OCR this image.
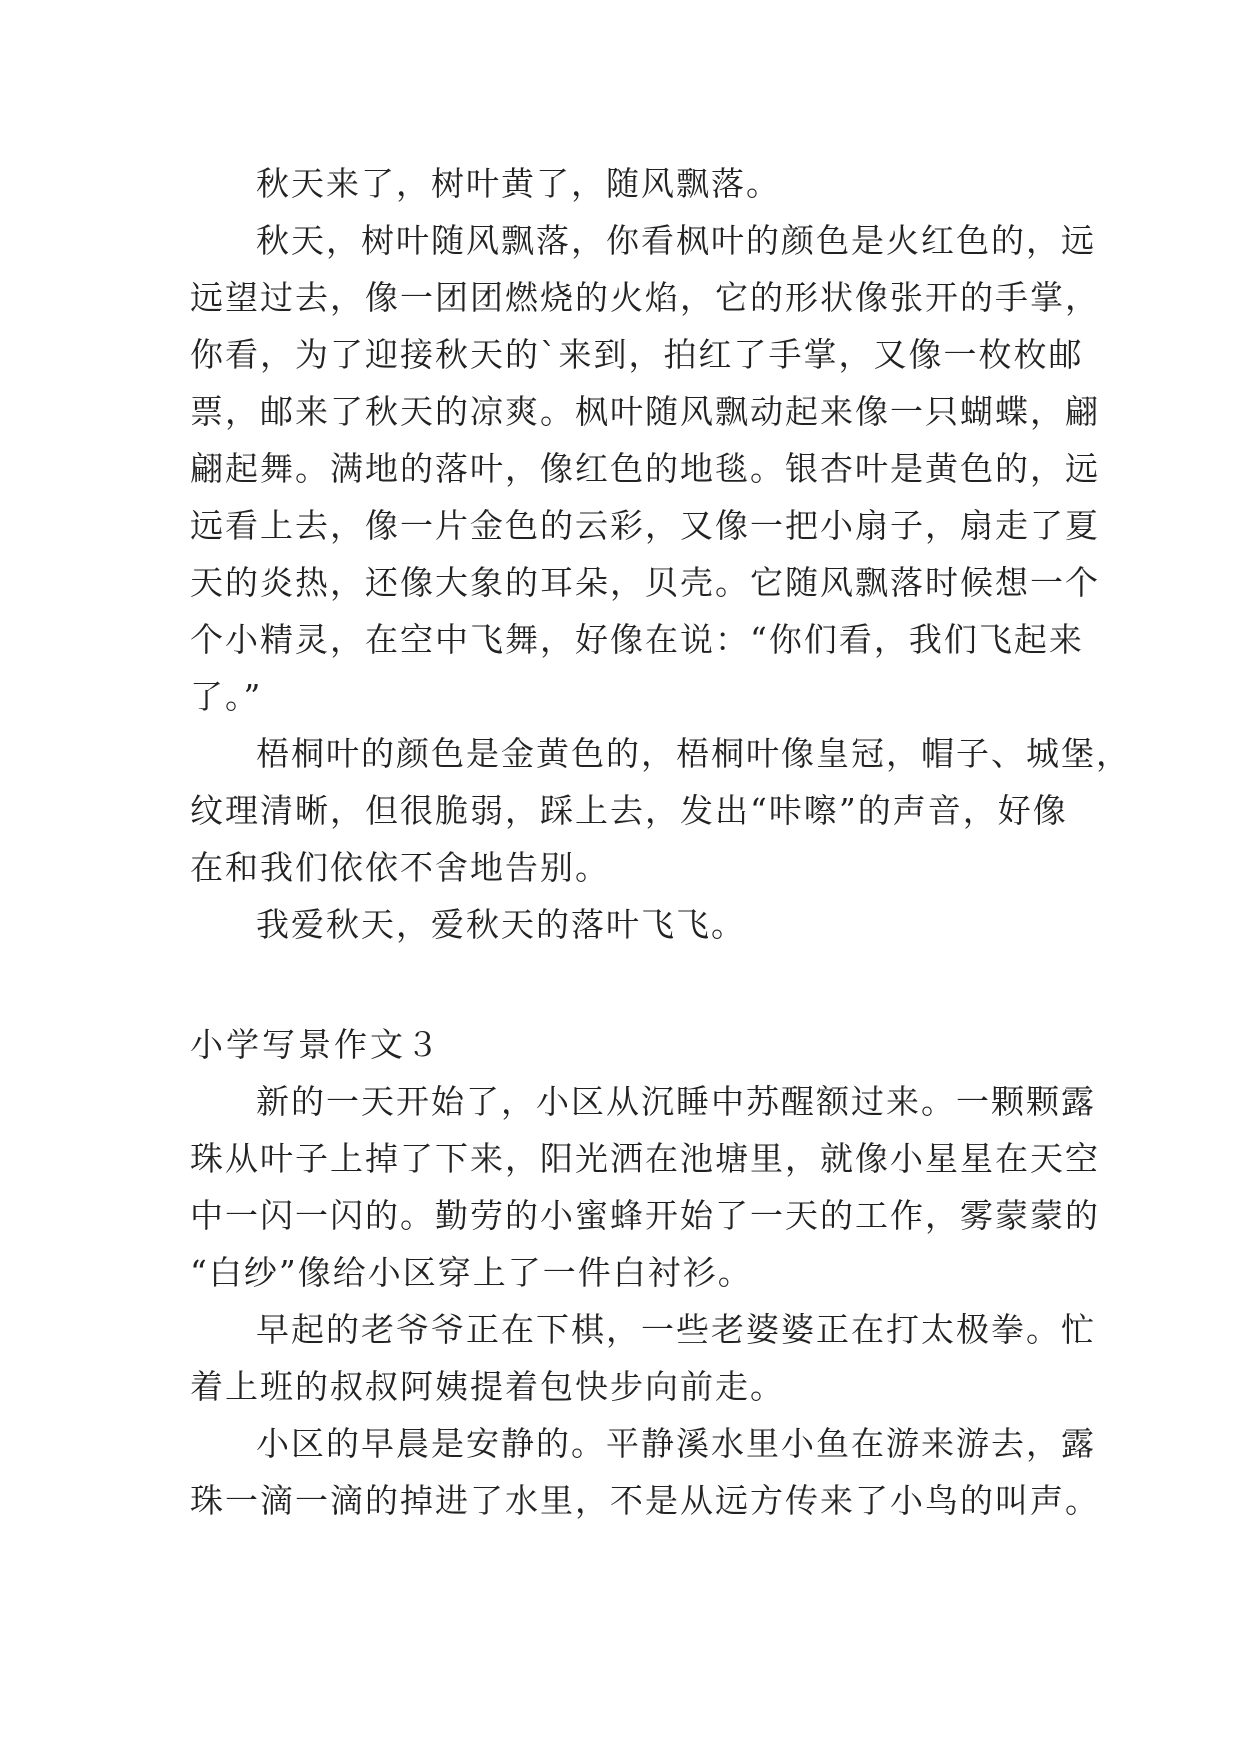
秋天来了，树叶黄了，随风飘落。
秋天，树叶随风飘落，你看枫叶的颜色是火红色的，远
远望过去，像一团团燃烧的火焰，它的形状像张开的手掌，
你看，为了迎接秋天的`来到，拍红了手掌，又像一枚枚邮
票，邮来了秋天的凉爽。枫叶随风飘动起来像一只蝴蝶，翩
翩起舞。满地的落叶，像红色的地毯。银杏叶是黄色的，远
远看上去，像一片金色的云彩，又像一把小扇子，扇走了夏
天的炎热，还像大象的耳朵，贝壳。它随风飘落时候想一个
个小精灵，在空中飞舞，好像在说：“你们看，我们飞起来
了。”
梧桐叶的颜色是金黄色的，梧桐叶像皇冠，帽子、城堡，
纹理清晰，但很脆弱，踩上去，发出“咔嚓”的声音，好像
在和我们依依不舍地告别。
我爱秋天，爱秋天的落叶飞飞。
小学写景作文３
新的一天开始了，小区从沉睡中苏醒额过来。一颗颗露
珠从叶子上掉了下来，阳光洒在池塘里，就像小星星在天空
中一闪一闪的。勤劳的小蜜蜂开始了一天的工作，雾蒙蒙的
“白纱”像给小区穿上了一件白衬衫。
早起的老爷爷正在下棋，一些老婆婆正在打太极拳。忙
着上班的叔叔阿姨提着包快步向前走。
小区的早晨是安静的。平静溪水里小鱼在游来游去，露
珠一滴一滴的掉进了水里，不是从远方传来了小鸟的叫声。
